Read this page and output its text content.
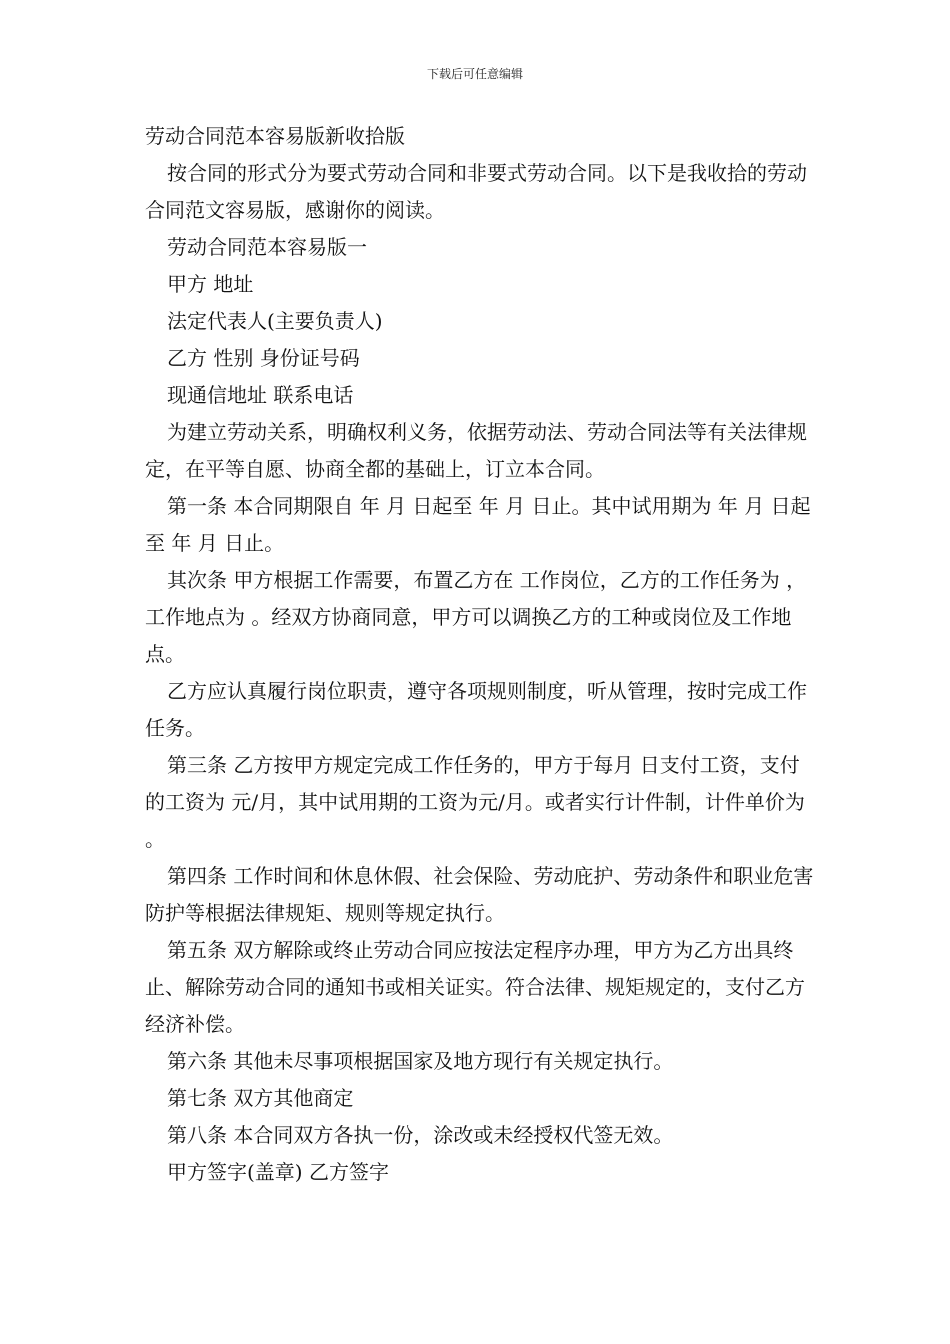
下载后可任意编辑

劳动合同范本容易版新收拾版

按合同的形式分为要式劳动合同和非要式劳动合同。以下是我收拾的劳动合同范文容易版，感谢你的阅读。

劳动合同范本容易版一

甲方 地址

法定代表人(主要负责人)

乙方 性别 身份证号码

现通信地址 联系电话

为建立劳动关系，明确权利义务，依据劳动法、劳动合同法等有关法律规定，在平等自愿、协商全都的基础上，订立本合同。

第一条 本合同期限自 年 月 日起至 年 月 日止。其中试用期为 年 月 日起至 年 月 日止。

其次条 甲方根据工作需要，布置乙方在 工作岗位，乙方的工作任务为 ，工作地点为 。经双方协商同意，甲方可以调换乙方的工种或岗位及工作地点。

乙方应认真履行岗位职责，遵守各项规则制度，听从管理，按时完成工作任务。

第三条 乙方按甲方规定完成工作任务的，甲方于每月 日支付工资，支付的工资为 元/月，其中试用期的工资为元/月。或者实行计件制，计件单价为 。

第四条 工作时间和休息休假、社会保险、劳动庇护、劳动条件和职业危害防护等根据法律规矩、规则等规定执行。

第五条 双方解除或终止劳动合同应按法定程序办理，甲方为乙方出具终止、解除劳动合同的通知书或相关证实。符合法律、规矩规定的，支付乙方经济补偿。

第六条 其他未尽事项根据国家及地方现行有关规定执行。

第七条 双方其他商定

第八条 本合同双方各执一份，涂改或未经授权代签无效。

甲方签字(盖章) 乙方签字
